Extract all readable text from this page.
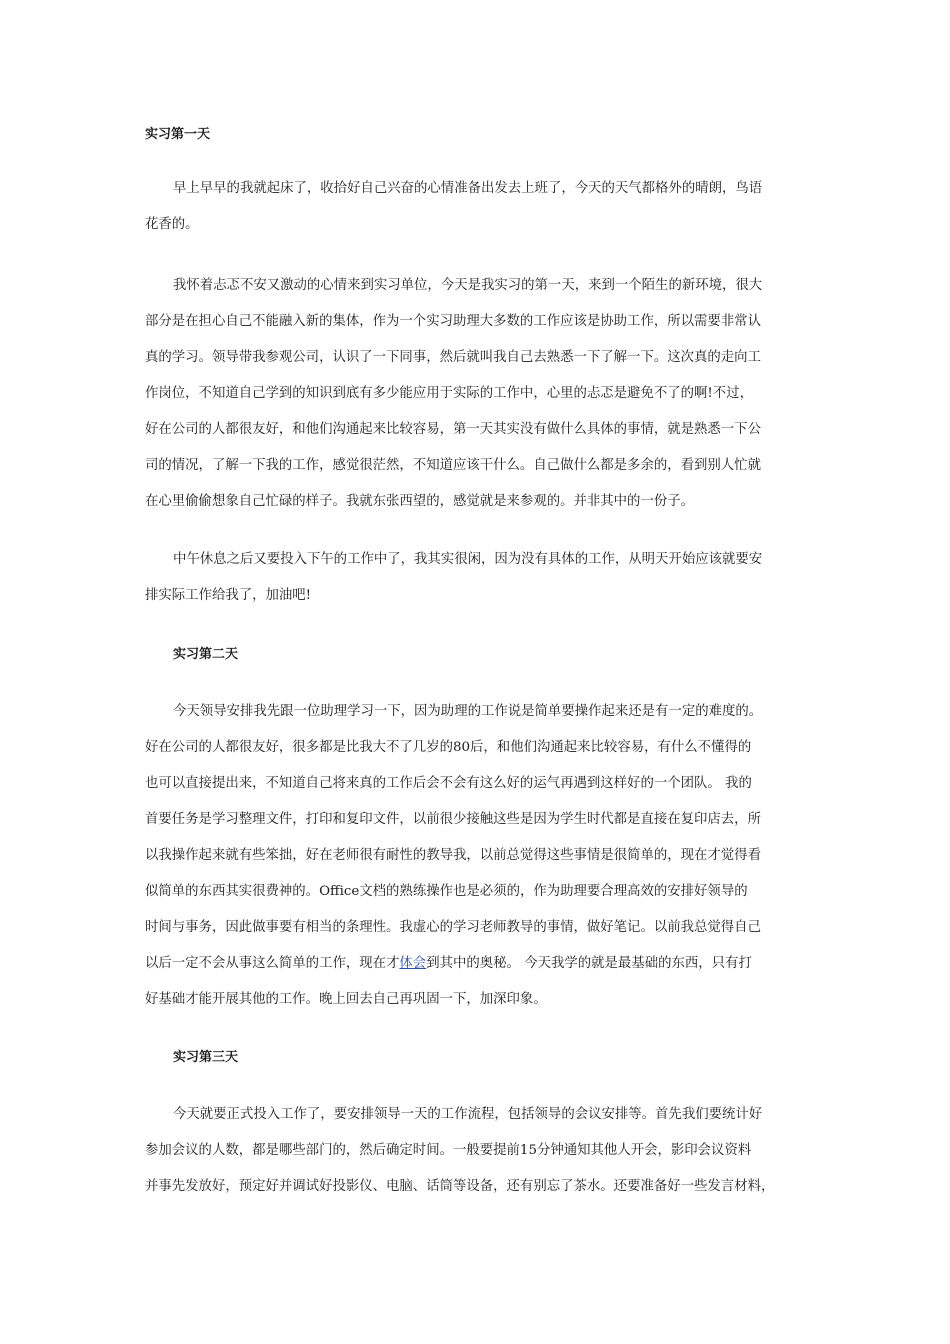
实习第一天
早上早早的我就起床了，收拾好自己兴奋的心情准备出发去上班了，今天的天气都格外的晴朗，鸟语
花香的。
我怀着忐忑不安又激动的心情来到实习单位，今天是我实习的第一天，来到一个陌生的新环境，很大
部分是在担心自己不能融入新的集体，作为一个实习助理大多数的工作应该是协助工作，所以需要非常认
真的学习。领导带我参观公司，认识了一下同事，然后就叫我自己去熟悉一下了解一下。这次真的走向工
作岗位，不知道自己学到的知识到底有多少能应用于实际的工作中，心里的忐忑是避免不了的啊!不过，
好在公司的人都很友好，和他们沟通起来比较容易，第一天其实没有做什么具体的事情，就是熟悉一下公
司的情况，了解一下我的工作，感觉很茫然，不知道应该干什么。自己做什么都是多余的，看到别人忙就
在心里偷偷想象自己忙碌的样子。我就东张西望的，感觉就是来参观的。并非其中的一份子。
中午休息之后又要投入下午的工作中了，我其实很闲，因为没有具体的工作，从明天开始应该就要安
排实际工作给我了，加油吧!
实习第二天
今天领导安排我先跟一位助理学习一下，因为助理的工作说是简单要操作起来还是有一定的难度的。
好在公司的人都很友好，很多都是比我大不了几岁的80后，和他们沟通起来比较容易，有什么不懂得的
也可以直接提出来，不知道自己将来真的工作后会不会有这么好的运气再遇到这样好的一个团队。 我的
首要任务是学习整理文件，打印和复印文件，以前很少接触这些是因为学生时代都是直接在复印店去，所
以我操作起来就有些笨拙，好在老师很有耐性的教导我，以前总觉得这些事情是很简单的，现在才觉得看
似简单的东西其实很费神的。Office文档的熟练操作也是必须的，作为助理要合理高效的安排好领导的
时间与事务，因此做事要有相当的条理性。我虚心的学习老师教导的事情，做好笔记。以前我总觉得自己
以后一定不会从事这么简单的工作，现在才体会到其中的奥秘。 今天我学的就是最基础的东西，只有打
好基础才能开展其他的工作。晚上回去自己再巩固一下，加深印象。
实习第三天
今天就要正式投入工作了，要安排领导一天的工作流程，包括领导的会议安排等。首先我们要统计好
参加会议的人数，都是哪些部门的，然后确定时间。一般要提前15分钟通知其他人开会，影印会议资料
并事先发放好，预定好并调试好投影仪、电脑、话筒等设备，还有别忘了茶水。还要准备好一些发言材料，
